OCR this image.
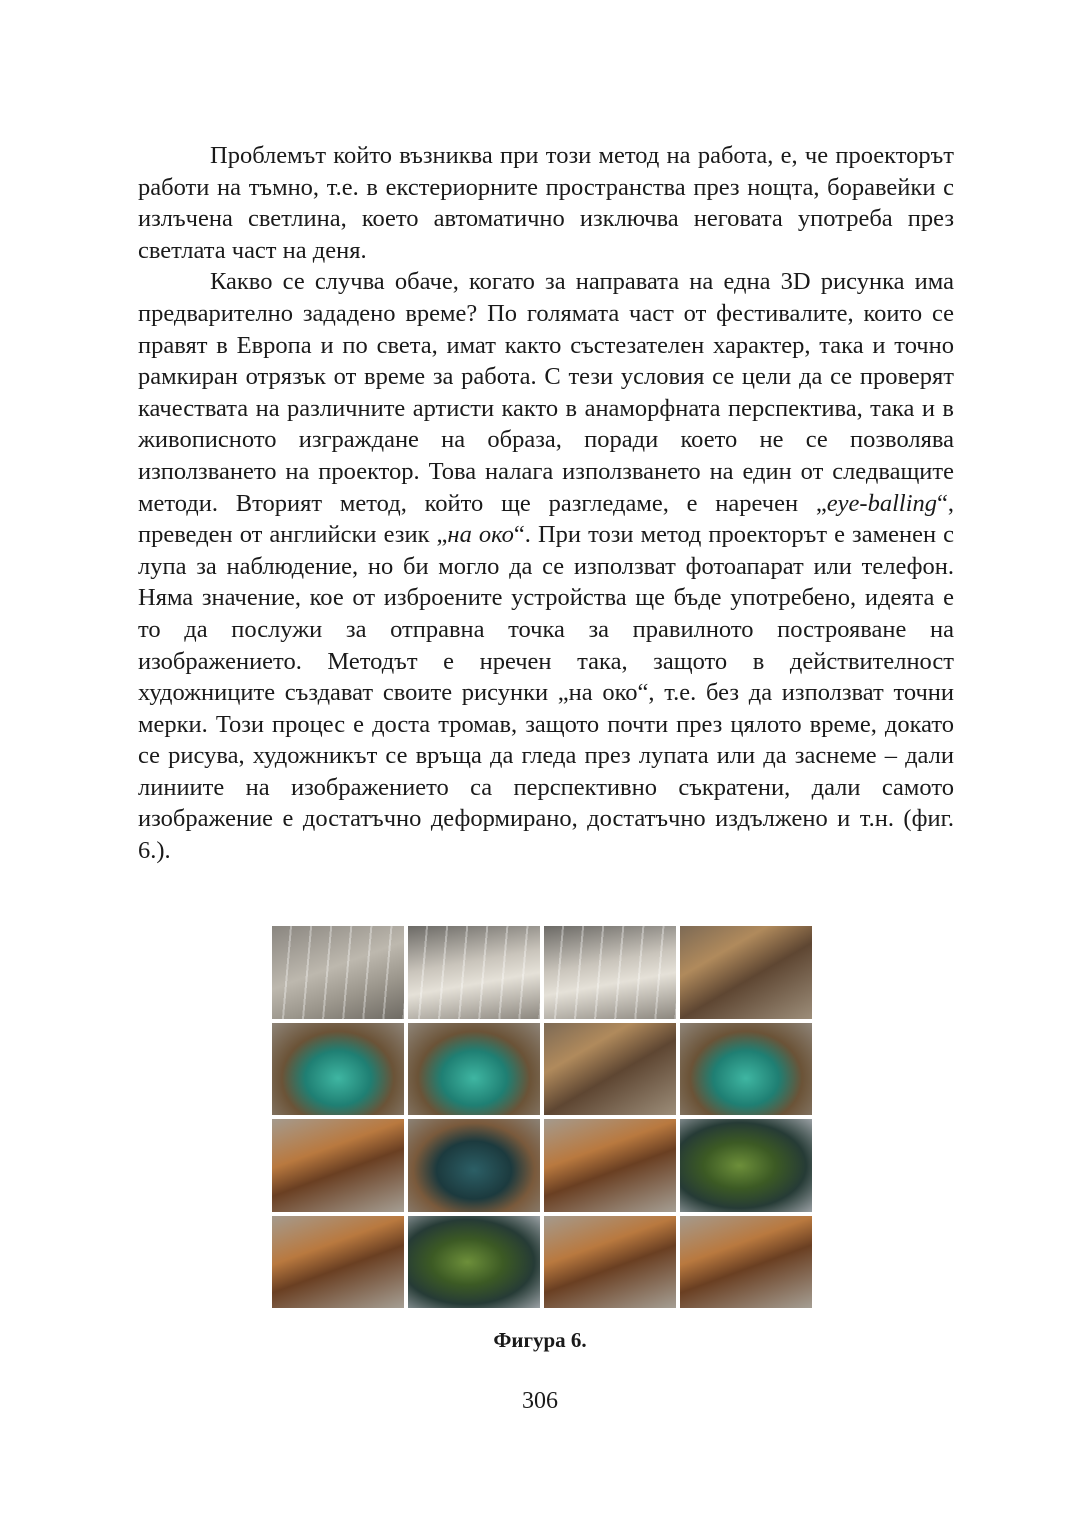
Проблемът който възниква при този метод на работа, е, че проекторът работи на тъмно, т.е. в екстериорните пространства през нощта, боравейки с излъчена светлина, което автоматично изключва неговата употреба през светлата част на деня.

Какво се случва обаче, когато за направата на една 3D рисунка има предварително зададено време? По голямата част от фестивалите, които се правят в Европа и по света, имат както състезателен характер, така и точно рамкиран отрязък от време за работа. С тези условия се цели да се проверят качествата на различните артисти както в анаморфната перспектива, така и в живописното изграждане на образа, поради което не се позволява използването на проектор. Това налага използването на един от следващите методи. Вторият метод, който ще разгледаме, е наречен „eye-balling“, преведен от английски език „на око“. При този метод проекторът е заменен с лупа за наблюдение, но би могло да се използват фотоапарат или телефон. Няма значение, кое от изброените устройства ще бъде употребено, идеята е то да послужи за отправна точка за правилното построяване на изображението. Методът е нречен така, защото в действителност художниците създават своите рисунки „на око“, т.е. без да използват точни мерки. Този процес е доста тромав, защото почти през цялото време, докато се рисува, художникът се връща да гледа през лупата или да заснеме – дали линиите на изображението са перспективно съкратени, дали самото изображение е достатъчно деформирано, достатъчно издължено и т.н. (фиг. 6.).

Фигура 6.
306
